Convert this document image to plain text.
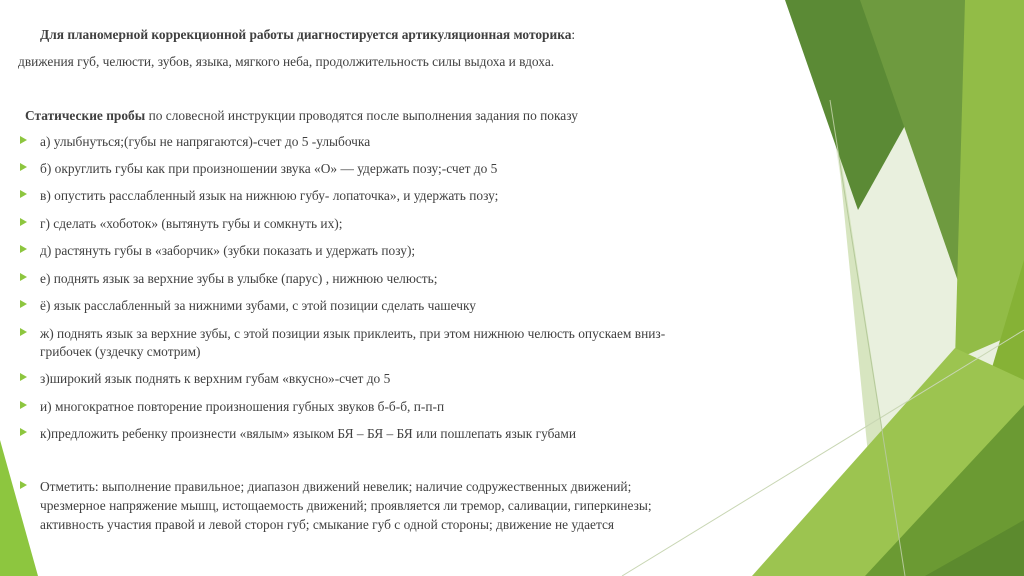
Для планомерной коррекционной работы диагностируется артикуляционная моторика:
движения губ, челюсти, зубов, языка, мягкого неба, продолжительность силы выдоха и вдоха.
Статические пробы по словесной инструкции проводятся после выполнения задания по показу
а) улыбнуться;(губы не напрягаются)-счет до 5 -улыбочка
б) округлить губы как при произношении звука «О» — удержать позу;-счет до 5
в) опустить расслабленный язык на нижнюю губу- лопаточка», и удержать позу;
г) сделать «хоботок» (вытянуть губы и сомкнуть их);
д) растянуть губы в «заборчик» (зубки показать и удержать позу);
е) поднять язык за верхние зубы в улыбке (парус) , нижнюю челюсть;
ё) язык расслабленный за нижними зубами, с этой позиции сделать чашечку
ж) поднять язык за верхние зубы, с этой позиции язык приклеить, при этом нижнюю челюсть опускаем вниз-
грибочек (уздечку смотрим)
з)широкий язык поднять к верхним губам «вкусно»-счет до 5
и) многократное повторение произношения губных звуков б-б-б, п-п-п
к)предложить ребенку произнести «вялым» языком БЯ – БЯ – БЯ или пошлепать язык губами
Отметить: выполнение правильное; диапазон движений невелик; наличие содружественных движений;
чрезмерное напряжение мышц, истощаемость движений; проявляется ли тремор, саливации, гиперкинезы;
активность участия правой и левой сторон губ; смыкание губ с одной стороны; движение не удается
